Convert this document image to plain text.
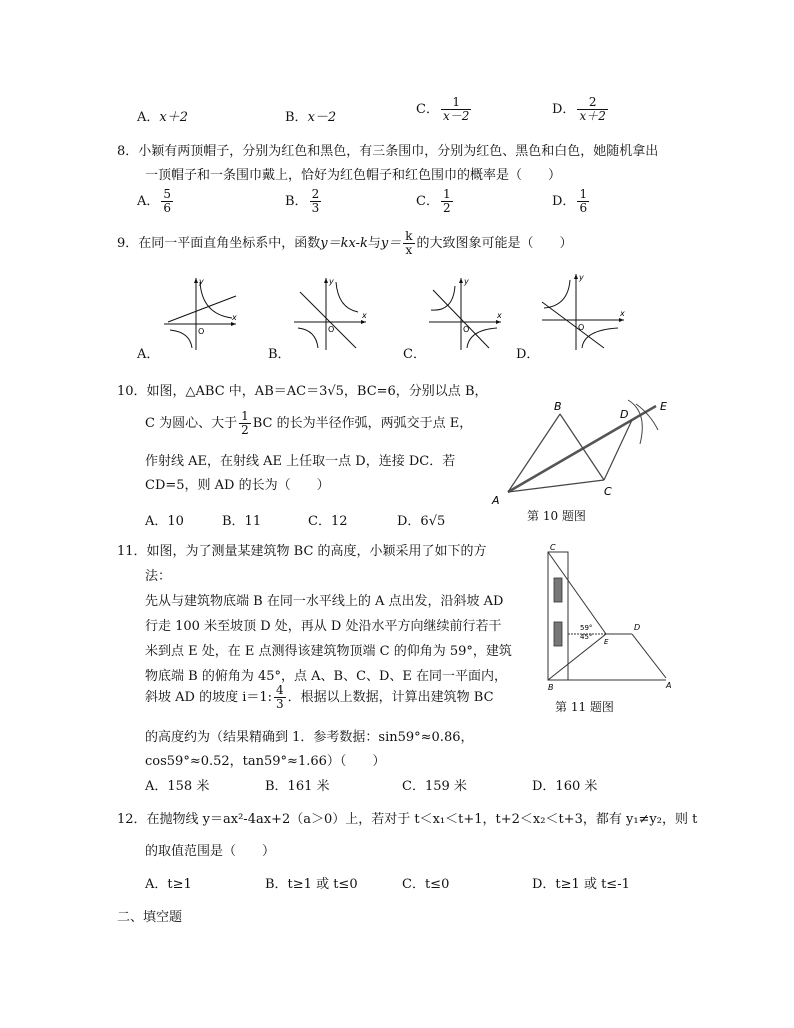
A．x＋2	B．x－2
C． $\frac{1}{x-2}$	D． $\frac{2}{x+2}$
8．小颖有两顶帽子，分别为红色和黑色，有三条围巾，分别为红色、黑色和白色，她随机拿出
一顶帽子和一条围巾戴上，恰好为红色帽子和红色围巾的概率是（　　）
A． $\frac{5}{6}$	B． $\frac{2}{3}$	C． $\frac{1}{2}$	D． $\frac{1}{6}$
9．在同一平面直角坐标系中，函数y＝kx-k与$y= \frac{k}{x}$ 的大致图象可能是（　　）
x
y
O
x
y
O
x
y
O
x
y
O
A．	B．	C．	D．
10．如图，△ABC 中，AB＝AC＝3√5，BC=6，分别以点 B，
C 为圆心、大于 $\frac{1}{2}$ BC 的长为半径作弧，两弧交于点 E，
作射线 AE，在射线 AE 上任取一点 D，连接 DC．若
CD=5，则 AD 的长为（　　）
A．10	B．11	C．12	D．6√5
B
A
C
D
E
第 10 题图
11．如图，为了测量某建筑物 BC 的高度，小颖采用了如下的方
法：
先从与建筑物底端 B 在同一水平线上的 A 点出发，沿斜坡 AD
行走 100 米至坡顶 D 处，再从 D 处沿水平方向继续前行若干
米到点 E 处，在 E 点测得该建筑物顶端 C 的仰角为 59°，建筑
物底端 B 的俯角为 45°，点 A、B、C、D、E 在同一平面内，
斜坡 AD 的坡度 i＝1: $\frac{4}{3}$ ．根据以上数据，计算出建筑物 BC
的高度约为（结果精确到 1．参考数据：sin59°≈0.86，
cos59°≈0.52，tan59°≈1.66）（　　）
A．158 米	B．161 米	C．159 米	D．160 米
C
B
E
D
A
59°
45°
第 11 题图
12．在抛物线 y＝ax²-4ax+2（a＞0）上，若对于 t＜x₁＜t+1，t+2＜x₂＜t+3，都有 y₁≠y₂，则 t
的取值范围是（　　）
A．t≥1	B．t≥1 或 t≤0	C．t≤0	D．t≥1 或 t≤-1
二、填空题
